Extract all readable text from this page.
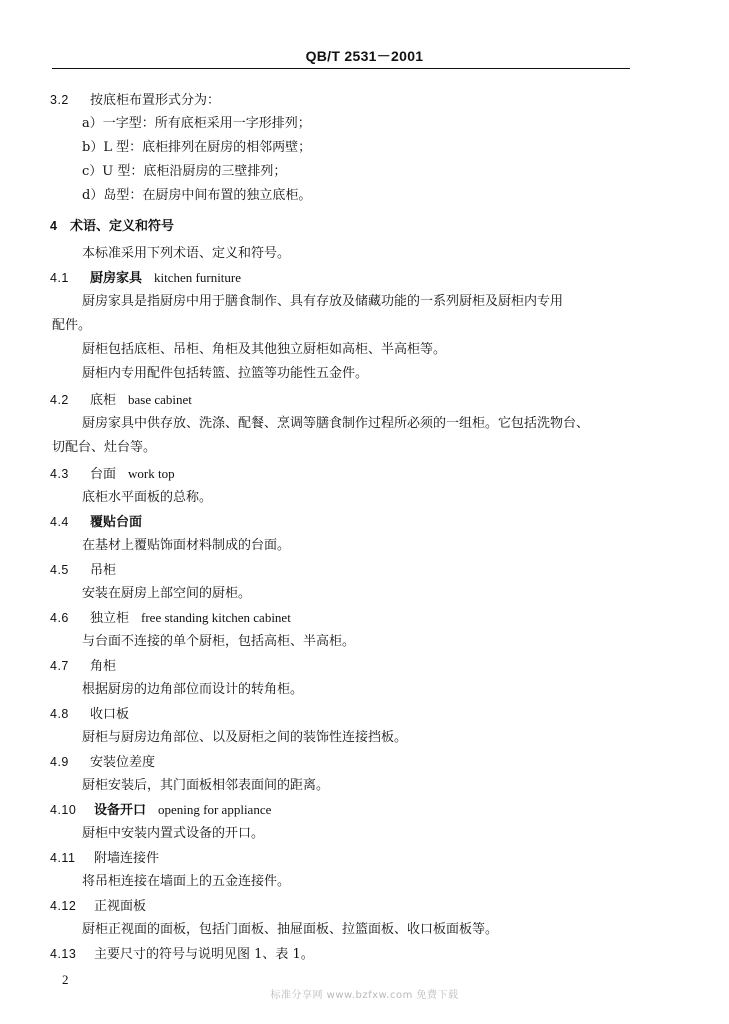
QB/T 2531－2001
3.2 按底柜布置形式分为：
a）一字型：所有底柜采用一字形排列；
b）L 型：底柜排列在厨房的相邻两壁；
c）U 型：底柜沿厨房的三壁排列；
d）岛型：在厨房中间布置的独立底柜。
4 术语、定义和符号
本标准采用下列术语、定义和符号。
4.1 厨房家具 kitchen furniture
厨房家具是指厨房中用于膳食制作、具有存放及储藏功能的一系列厨柜及厨柜内专用
配件。
厨柜包括底柜、吊柜、角柜及其他独立厨柜如高柜、半高柜等。
厨柜内专用配件包括转篮、拉篮等功能性五金件。
4.2 底柜 base cabinet
厨房家具中供存放、洗涤、配餐、烹调等膳食制作过程所必须的一组柜。它包括洗物台、
切配台、灶台等。
4.3 台面 work top
底柜水平面板的总称。
4.4 覆贴台面
在基材上覆贴饰面材料制成的台面。
4.5 吊柜
安装在厨房上部空间的厨柜。
4.6 独立柜 free standing kitchen cabinet
与台面不连接的单个厨柜，包括高柜、半高柜。
4.7 角柜
根据厨房的边角部位而设计的转角柜。
4.8 收口板
厨柜与厨房边角部位、以及厨柜之间的装饰性连接挡板。
4.9 安装位差度
厨柜安装后，其门面板相邻表面间的距离。
4.10 设备开口 opening for appliance
厨柜中安装内置式设备的开口。
4.11 附墙连接件
将吊柜连接在墙面上的五金连接件。
4.12 正视面板
厨柜正视面的面板，包括门面板、抽屉面板、拉篮面板、收口板面板等。
4.13 主要尺寸的符号与说明见图 1、表 1。
2
标准分享网 www.bzfxw.com 免费下载
